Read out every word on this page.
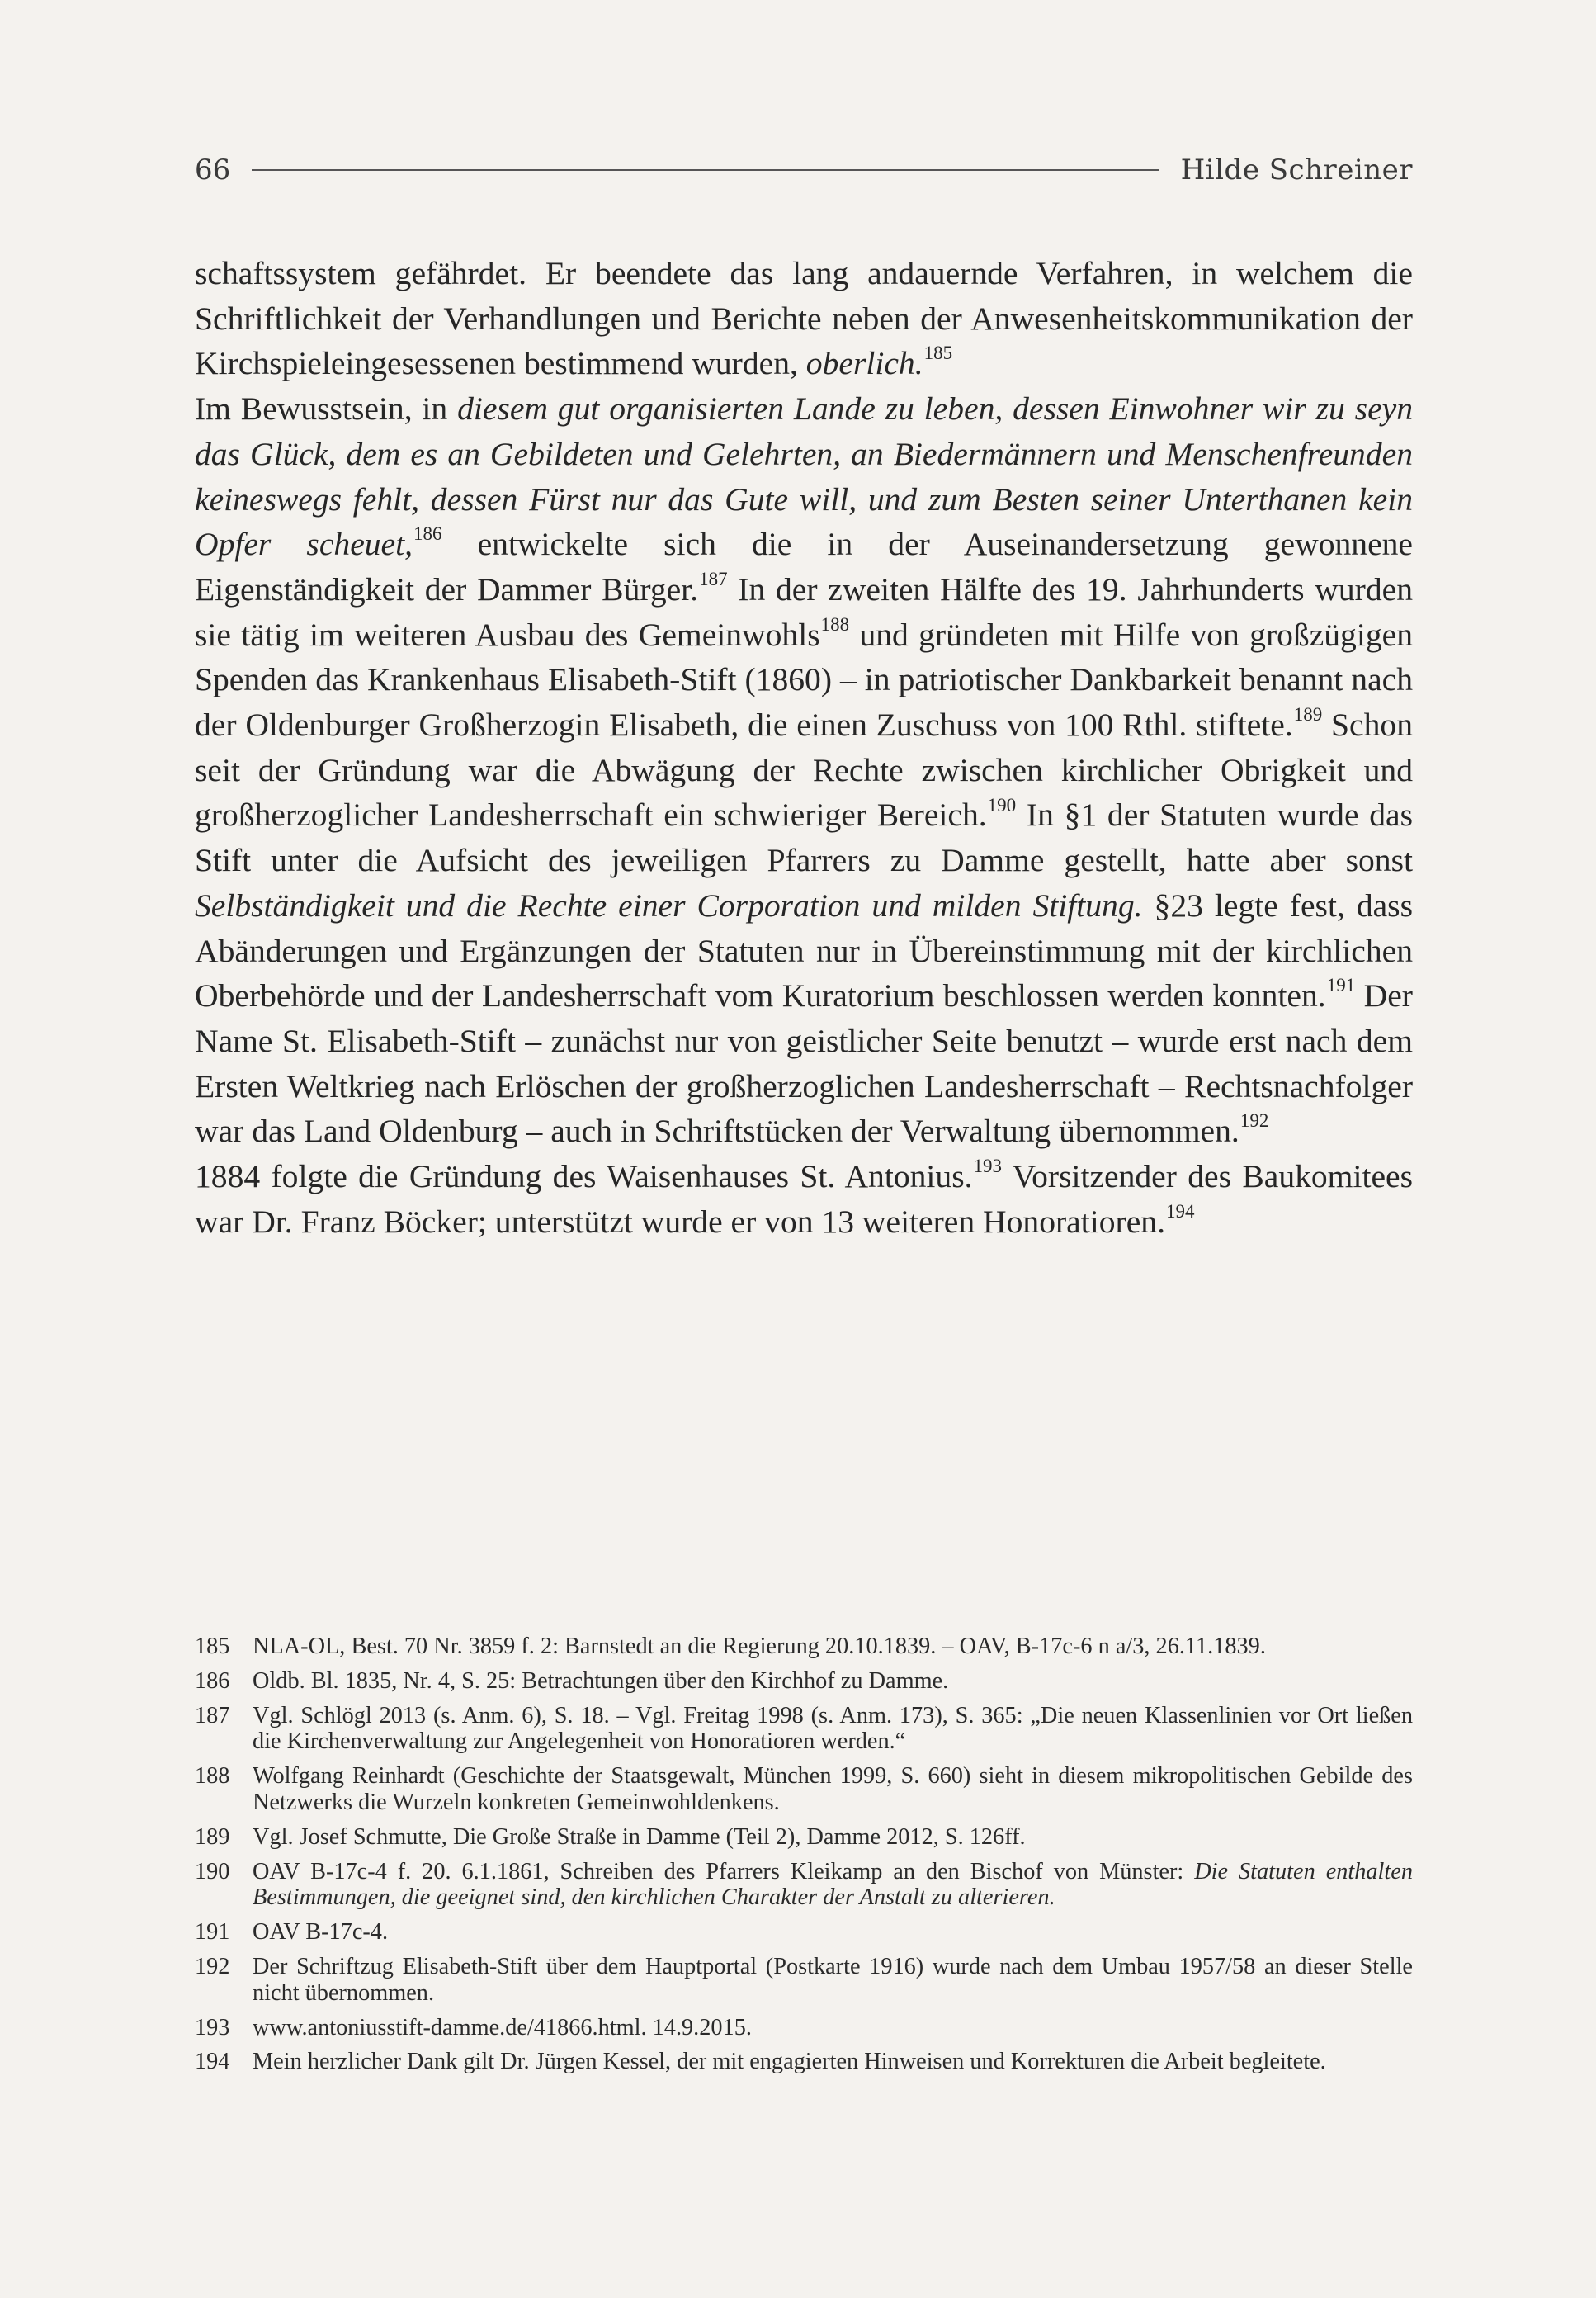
66	Hilde Schreiner

schaftssystem gefährdet. Er beendete das lang andauernde Verfahren, in welchem die Schriftlichkeit der Verhandlungen und Berichte neben der Anwesenheitskommunikation der Kirchspieleingesessenen bestimmend wurden, oberlich.$^{185}$

Im Bewusstsein, in diesem gut organisierten Lande zu leben, dessen Einwohner wir zu seyn das Glück, dem es an Gebildeten und Gelehrten, an Biedermännern und Menschenfreunden keineswegs fehlt, dessen Fürst nur das Gute will, und zum Besten seiner Unterthanen kein Opfer scheuet,$^{186}$ entwickelte sich die in der Auseinandersetzung gewonnene Eigenständigkeit der Dammer Bürger.$^{187}$ In der zweiten Hälfte des 19. Jahrhunderts wurden sie tätig im weiteren Ausbau des Gemeinwohls$^{188}$ und gründeten mit Hilfe von großzügigen Spenden das Krankenhaus Elisabeth-Stift (1860) – in patriotischer Dankbarkeit benannt nach der Oldenburger Großherzogin Elisabeth, die einen Zuschuss von 100 Rthl. stiftete.$^{189}$ Schon seit der Gründung war die Abwägung der Rechte zwischen kirchlicher Obrigkeit und großherzoglicher Landesherrschaft ein schwieriger Bereich.$^{190}$ In §1 der Statuten wurde das Stift unter die Aufsicht des jeweiligen Pfarrers zu Damme gestellt, hatte aber sonst Selbständigkeit und die Rechte einer Corporation und milden Stiftung. §23 legte fest, dass Abänderungen und Ergänzungen der Statuten nur in Übereinstimmung mit der kirchlichen Oberbehörde und der Landesherrschaft vom Kuratorium beschlossen werden konnten.$^{191}$ Der Name St. Elisabeth-Stift – zunächst nur von geistlicher Seite benutzt – wurde erst nach dem Ersten Weltkrieg nach Erlöschen der großherzoglichen Landesherrschaft – Rechtsnachfolger war das Land Oldenburg – auch in Schriftstücken der Verwaltung übernommen.$^{192}$

1884 folgte die Gründung des Waisenhauses St. Antonius.$^{193}$ Vorsitzender des Baukomitees war Dr. Franz Böcker; unterstützt wurde er von 13 weiteren Honoratioren.$^{194}$

185 NLA-OL, Best. 70 Nr. 3859 f. 2: Barnstedt an die Regierung 20.10.1839. – OAV, B-17c-6 n a/3, 26.11.1839.
186 Oldb. Bl. 1835, Nr. 4, S. 25: Betrachtungen über den Kirchhof zu Damme.
187 Vgl. Schlögl 2013 (s. Anm. 6), S. 18. – Vgl. Freitag 1998 (s. Anm. 173), S. 365: „Die neuen Klassenlinien vor Ort ließen die Kirchenverwaltung zur Angelegenheit von Honoratioren werden.“
188 Wolfgang Reinhardt (Geschichte der Staatsgewalt, München 1999, S. 660) sieht in diesem mikropolitischen Gebilde des Netzwerks die Wurzeln konkreten Gemeinwohldenkens.
189 Vgl. Josef Schmutte, Die Große Straße in Damme (Teil 2), Damme 2012, S. 126ff.
190 OAV B-17c-4 f. 20. 6.1.1861, Schreiben des Pfarrers Kleikamp an den Bischof von Münster: Die Statuten enthalten Bestimmungen, die geeignet sind, den kirchlichen Charakter der Anstalt zu alterieren.
191 OAV B-17c-4.
192 Der Schriftzug Elisabeth-Stift über dem Hauptportal (Postkarte 1916) wurde nach dem Umbau 1957/58 an dieser Stelle nicht übernommen.
193 www.antoniusstift-damme.de/41866.html. 14.9.2015.
194 Mein herzlicher Dank gilt Dr. Jürgen Kessel, der mit engagierten Hinweisen und Korrekturen die Arbeit begleitete.
